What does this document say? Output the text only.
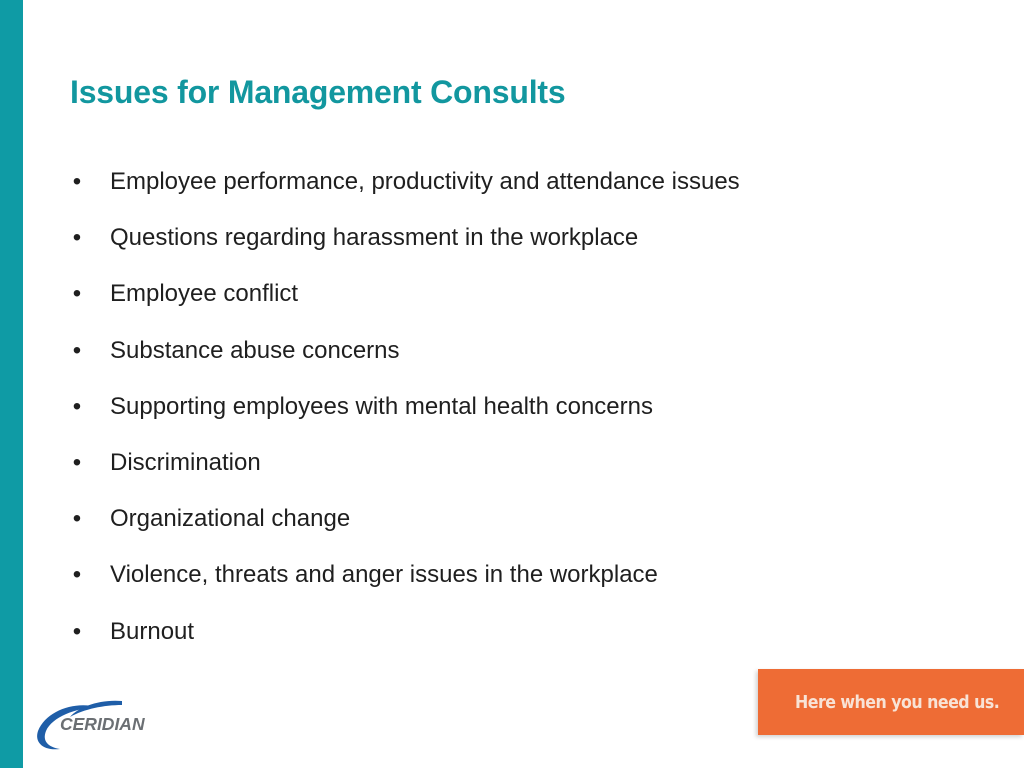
Issues for Management Consults
• Employee performance, productivity and attendance issues
• Questions regarding harassment in the workplace
• Employee conflict
• Substance abuse concerns
• Supporting employees with mental health concerns
• Discrimination
• Organizational change
• Violence, threats and anger issues in the workplace
• Burnout
CERIDIAN
Here when you need us.
